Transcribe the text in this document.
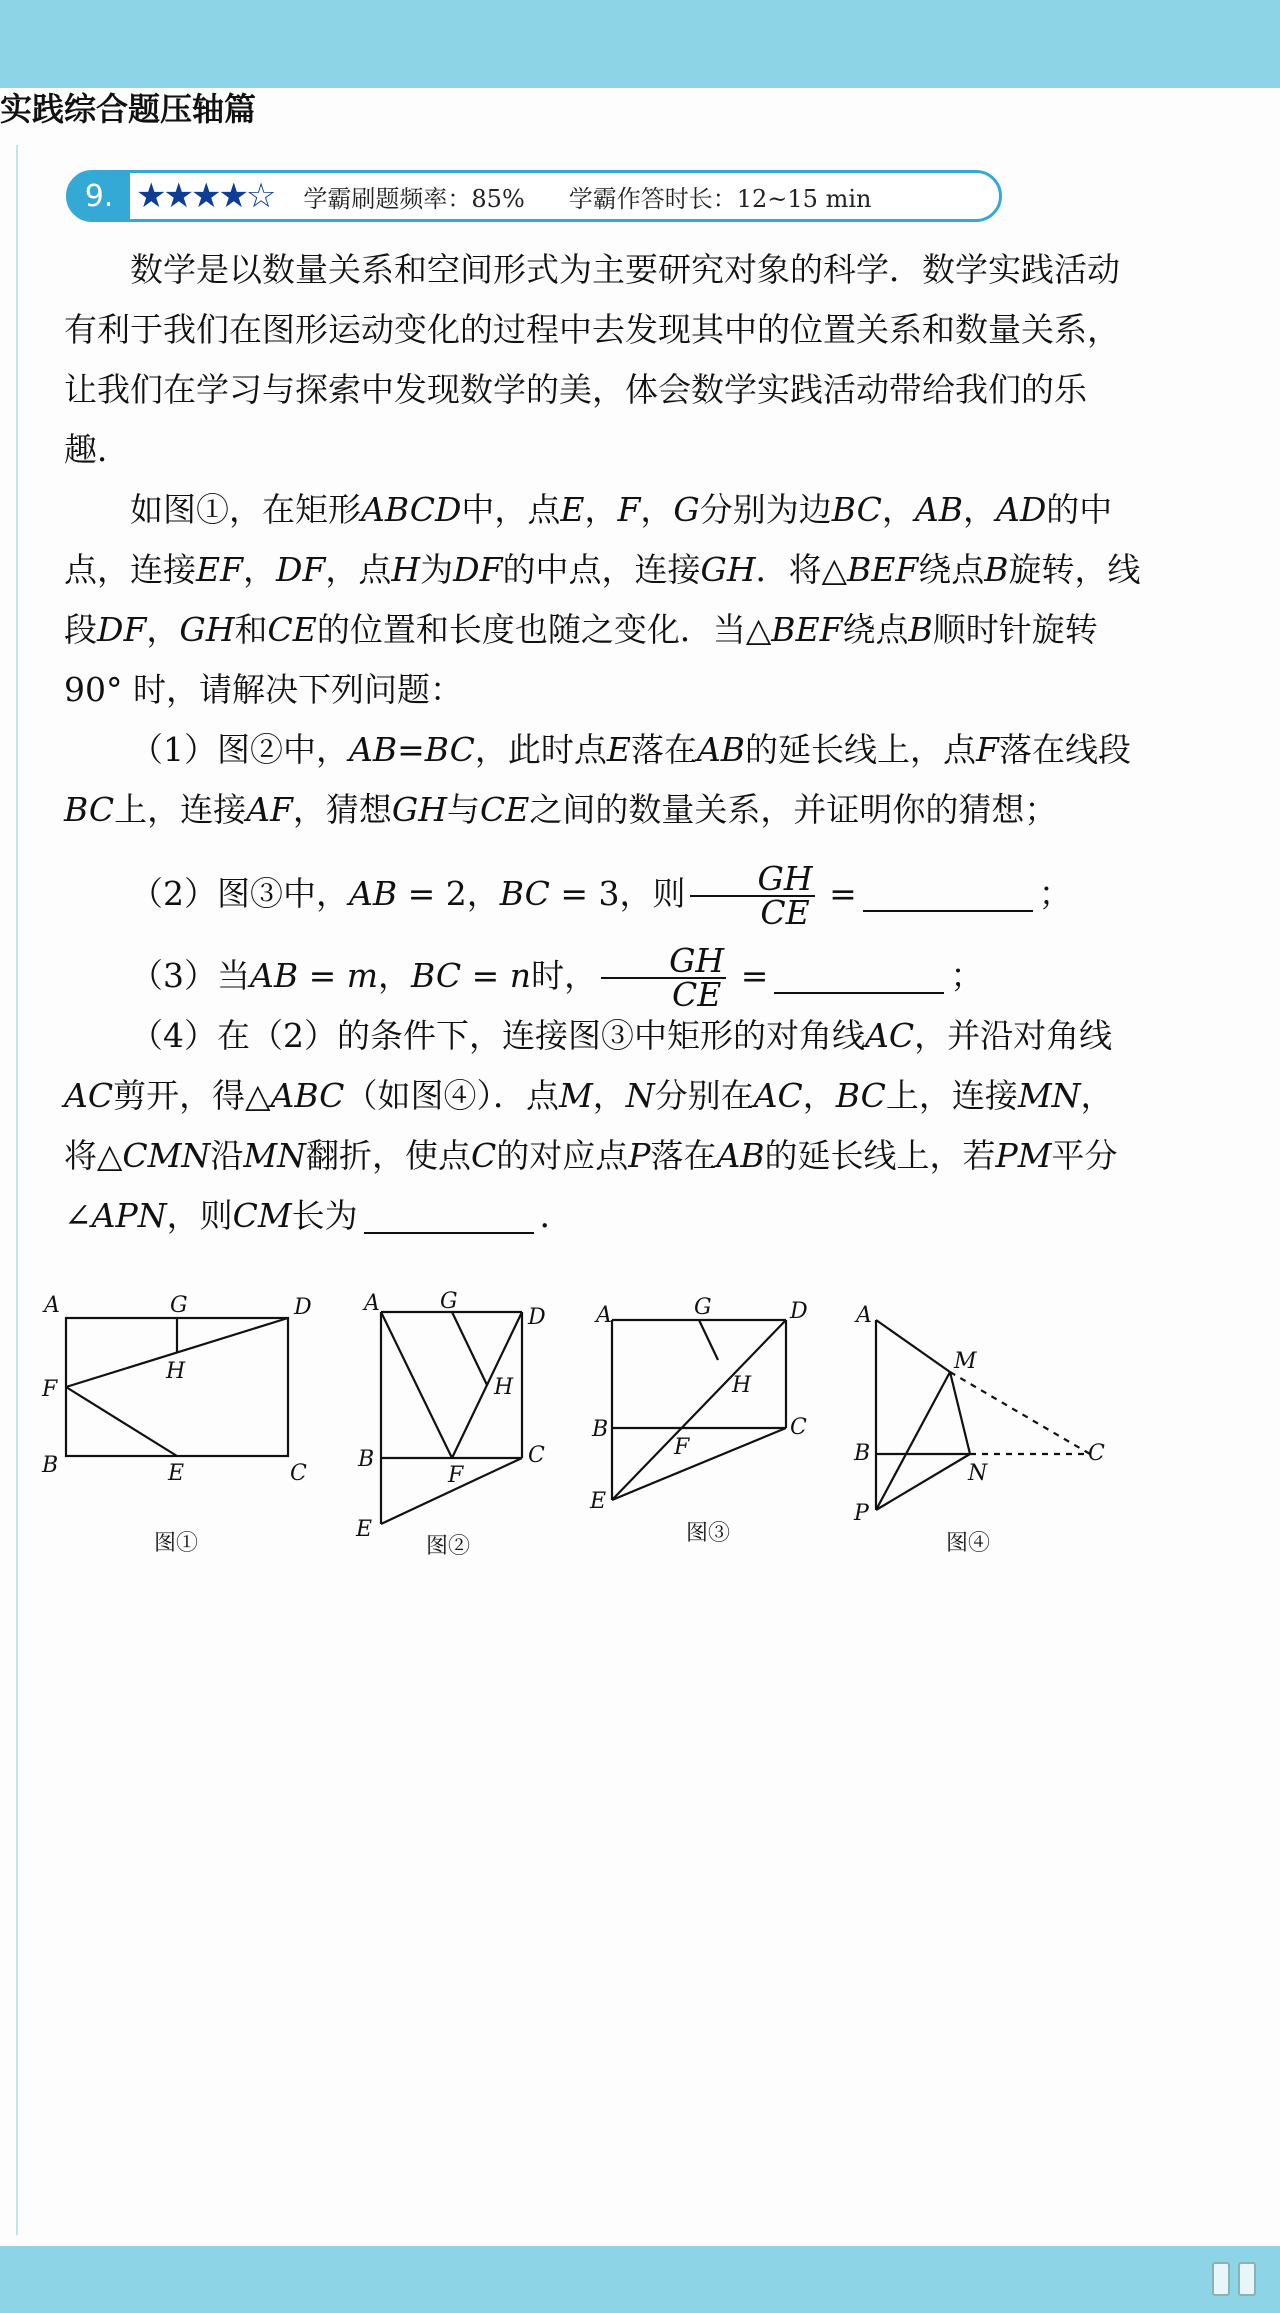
实践综合题压轴篇
9. ★★★★☆ 学霸刷题频率：85% 学霸作答时长：12~15 min

数学是以数量关系和空间形式为主要研究对象的科学．数学实践活动有利于我们在图形运动变化的过程中去发现其中的位置关系和数量关系，让我们在学习与探索中发现数学的美，体会数学实践活动带给我们的乐趣．

如图①，在矩形ABCD中，点E，F，G分别为边BC，AB，AD的中点，连接EF，DF，点H为DF的中点，连接GH．将△BEF绕点B旋转，线段DF，GH和CE的位置和长度也随之变化．当△BEF绕点B顺时针旋转 90° 时，请解决下列问题：

（1）图②中，AB=BC，此时点E落在AB的延长线上，点F落在线段BC上，连接AF，猜想GH与CE之间的数量关系，并证明你的猜想；

（2）图③中，AB = 2，BC = 3，则 $\frac{GH}{CE}$ =	；

（3）当AB = m，BC = n时， $\frac{GH}{CE}$ =	；

（4）在（2）的条件下，连接图③中矩形的对角线AC，并沿对角线AC剪开，得△ABC（如图④）．点M，N分别在AC，BC上，连接MN，将△CMN沿MN翻折，使点C的对应点P落在AB的延长线上，若PM平分 ∠APN，则CM长为	．

A	G	D
F
H
B	E	C
图①
A	G
D
H
B
F
C
E
图②
A	G	D
H
B	C
F
E
图③
A
M
B
N
C
P
图④
